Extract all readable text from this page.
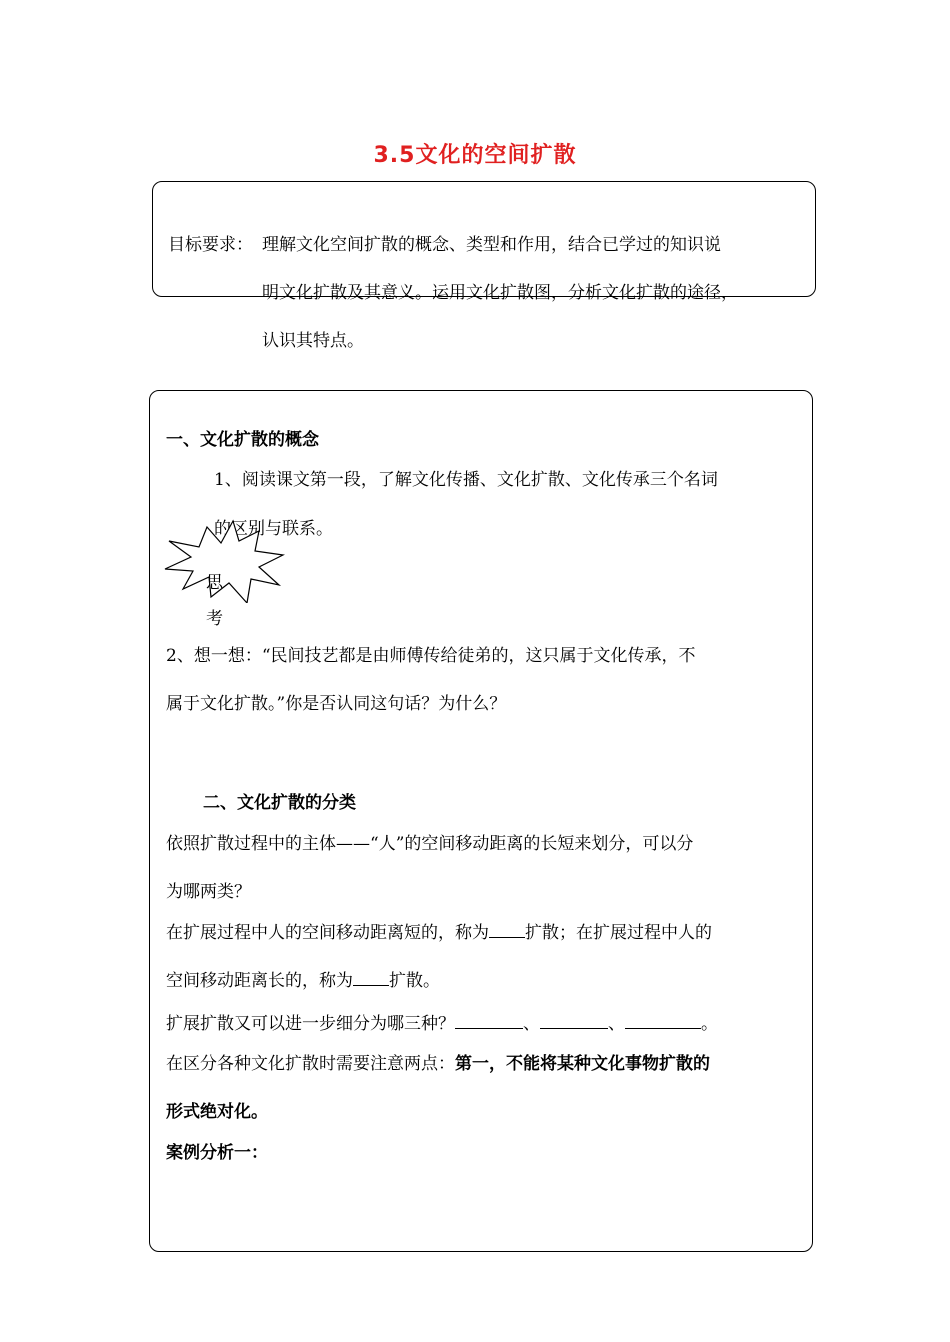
3.5文化的空间扩散
目标要求： 理解文化空间扩散的概念、类型和作用，结合已学过的知识说
明文化扩散及其意义。运用文化扩散图，分析文化扩散的途径，
认识其特点。
一、文化扩散的概念
1、阅读课文第一段，了解文化传播、文化扩散、文化传承三个名词
的区别与联系。
思
考
2、想一想：“民间技艺都是由师傅传给徒弟的，这只属于文化传承，不
属于文化扩散。”你是否认同这句话？为什么？
二、文化扩散的分类
依照扩散过程中的主体——“人”的空间移动距离的长短来划分，可以分
为哪两类？
在扩展过程中人的空间移动距离短的，称为 扩散；在扩展过程中人的
空间移动距离长的，称为 扩散。
扩展扩散又可以进一步细分为哪三种？	、	、	。
在区分各种文化扩散时需要注意两点：第一，不能将某种文化事物扩散的
形式绝对化。
案例分析一：
